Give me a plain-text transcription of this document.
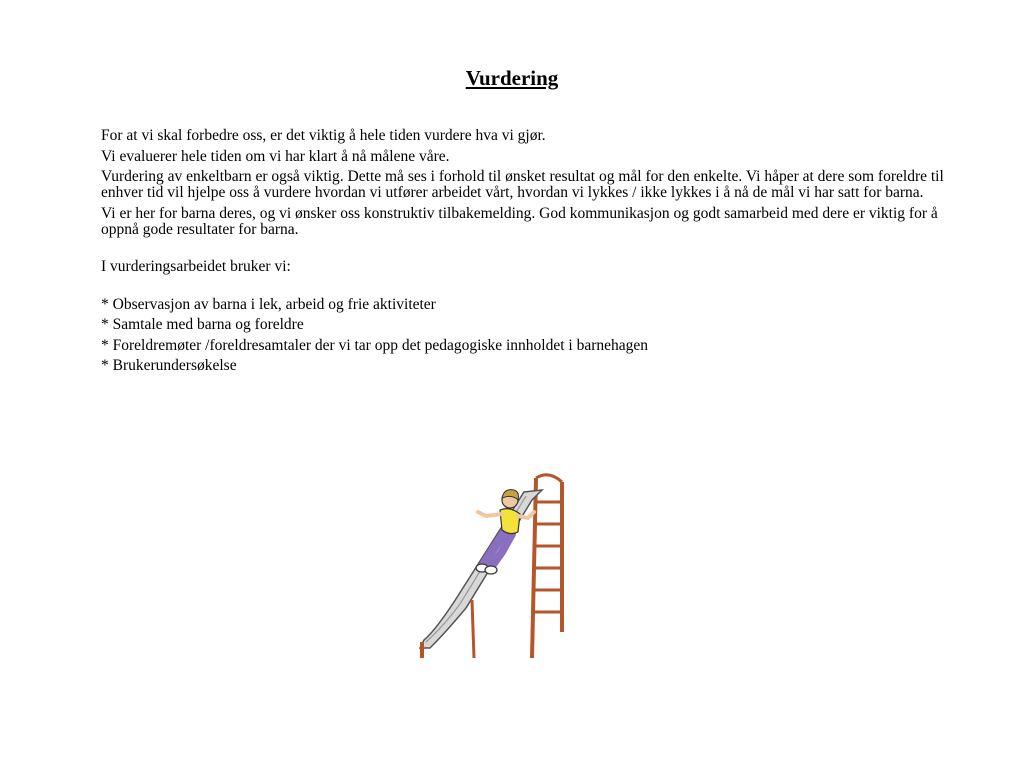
Vurdering

For at vi skal forbedre oss, er det viktig å hele tiden vurdere hva vi gjør.

Vi evaluerer hele tiden om vi har klart å nå målene våre.

Vurdering av enkeltbarn er også viktig. Dette må ses i forhold til ønsket resultat og mål for den enkelte. Vi håper at dere som foreldre til enhver tid vil hjelpe oss å vurdere hvordan vi utfører arbeidet vårt, hvordan vi lykkes / ikke lykkes i å nå de mål vi har satt for barna.

Vi er her for barna deres, og vi ønsker oss konstruktiv tilbakemelding. God kommunikasjon og godt samarbeid med dere er viktig for å oppnå gode resultater for barna.

I vurderingsarbeidet bruker vi:

* Observasjon av barna i lek, arbeid og frie aktiviteter

* Samtale med barna og foreldre

* Foreldremøter /foreldresamtaler der vi tar opp det pedagogiske innholdet i barnehagen

* Brukerundersøkelse
